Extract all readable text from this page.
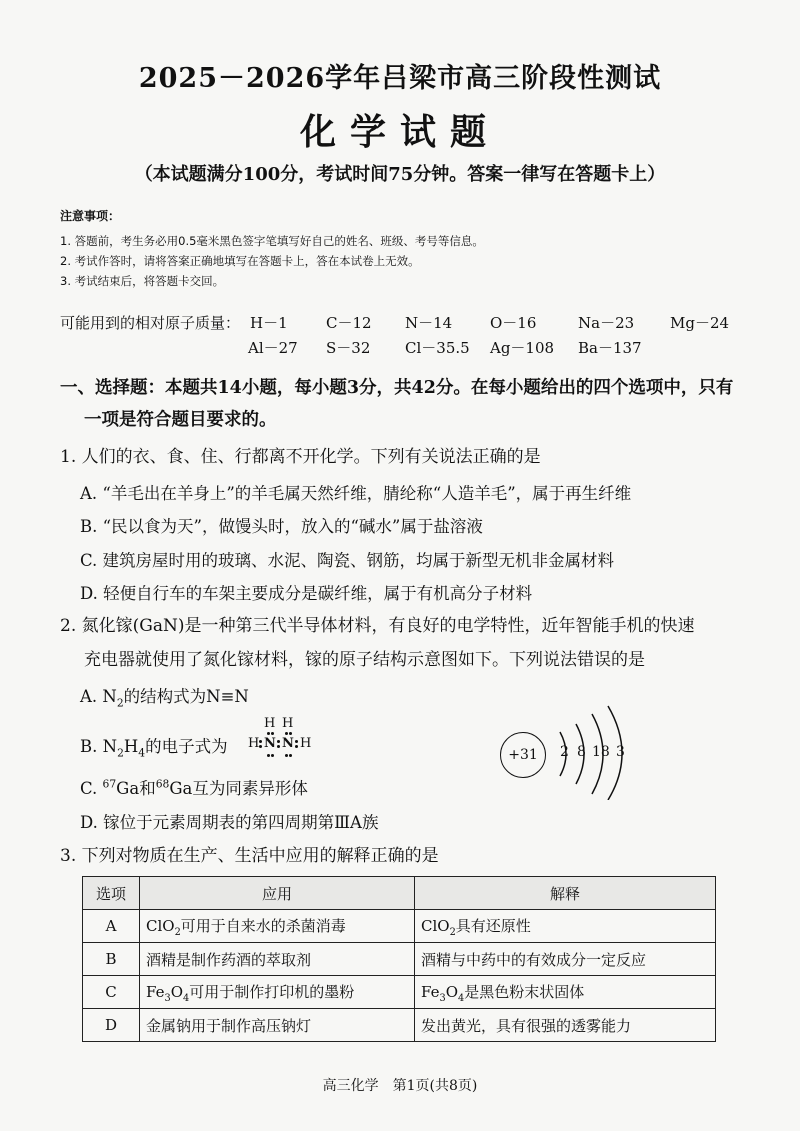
2025－2026学年吕梁市高三阶段性测试
化学试题
（本试题满分100分，考试时间75分钟。答案一律写在答题卡上）
注意事项：
1. 答题前，考生务必用0.5毫米黑色签字笔填写好自己的姓名、班级、考号等信息。
2. 考试作答时，请将答案正确地填写在答题卡上，答在本试卷上无效。
3. 考试结束后，将答题卡交回。
可能用到的相对原子质量： H－1	C－12 N－14	O－16	Na－23 Mg－24
Al－27 S－32 Cl－35.5 Ag－108 Ba－137
一、选择题：本题共14小题，每小题3分，共42分。在每小题给出的四个选项中，只有
一项是符合题目要求的。
1. 人们的衣、食、住、行都离不开化学。下列有关说法正确的是
A. “羊毛出在羊身上”的羊毛属天然纤维，腈纶称“人造羊毛”，属于再生纤维
B. “民以食为天”，做馒头时，放入的“碱水”属于盐溶液
C. 建筑房屋时用的玻璃、水泥、陶瓷、钢筋，均属于新型无机非金属材料
D. 轻便自行车的车架主要成分是碳纤维，属于有机高分子材料
2. 氮化镓(GaN)是一种第三代半导体材料，有良好的电学特性，近年智能手机的快速
充电器就使用了氮化镓材料，镓的原子结构示意图如下。下列说法错误的是
A. $N_2$的结构式为N≡N
B. $N_2H_4$的电子式为
H H
H N N H
+31	2 8 18 3
C. $^{67}$Ga和$^{68}$Ga互为同素异形体
D. 镓位于元素周期表的第四周期第ⅢA族
3. 下列对物质在生产、生活中应用的解释正确的是
选项	应用	解释
A	ClO$_2$可用于自来水的杀菌消毒	ClO$_2$具有还原性
B	酒精是制作药酒的萃取剂	酒精与中药中的有效成分一定反应
C	$Fe_3O_4$可用于制作打印机的墨粉	$Fe_3O_4$是黑色粉末状固体
D	金属钠用于制作高压钠灯	发出黄光，具有很强的透雾能力
高三化学　第1页(共8页)
